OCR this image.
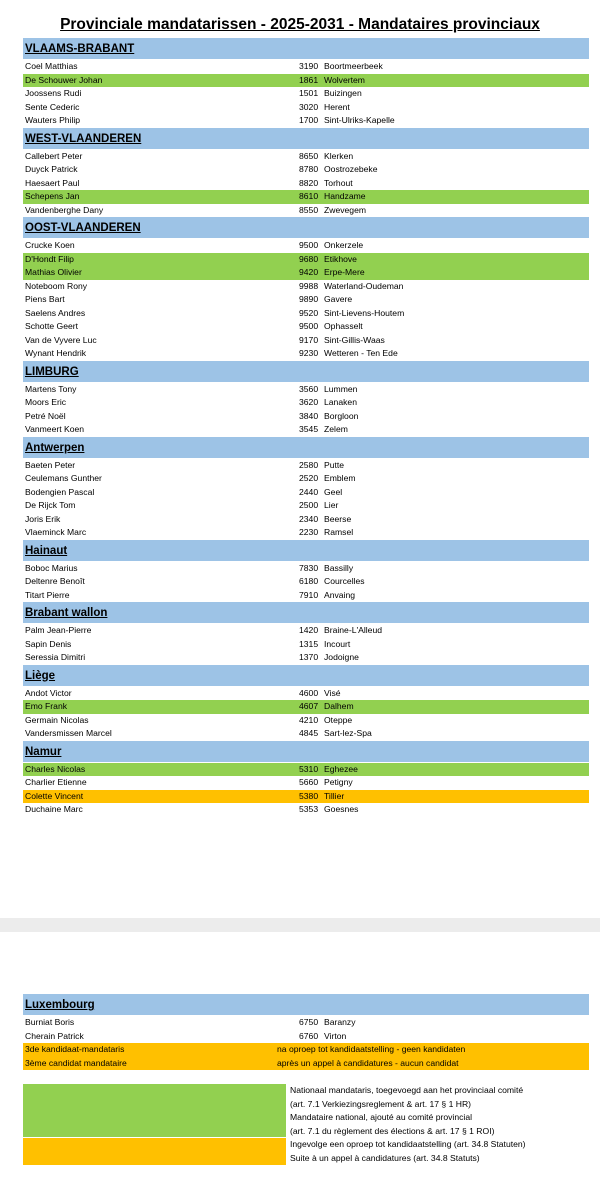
Provinciale mandatarissen - 2025-2031 - Mandataires provinciaux
VLAAMS-BRABANT
Coel Matthias	3190 Boortmeerbeek
De Schouwer Johan	1861 Wolvertem
Joossens Rudi	1501 Buizingen
Sente Cederic	3020 Herent
Wauters Philip	1700 Sint-Ulriks-Kapelle
WEST-VLAANDEREN
Callebert Peter	8650 Klerken
Duyck Patrick	8780 Oostrozebeke
Haesaert Paul	8820 Torhout
Schepens Jan	8610 Handzame
Vandenberghe Dany	8550 Zwevegem
OOST-VLAANDEREN
Crucke Koen	9500 Onkerzele
D'Hondt Filip	9680 Etikhove
Mathias Olivier	9420 Erpe-Mere
Noteboom Rony	9988 Waterland-Oudeman
Piens Bart	9890 Gavere
Saelens Andres	9520 Sint-Lievens-Houtem
Schotte Geert	9500 Ophasselt
Van de Vyvere Luc	9170 Sint-Gillis-Waas
Wynant Hendrik	9230 Wetteren - Ten Ede
LIMBURG
Martens Tony	3560 Lummen
Moors Eric	3620 Lanaken
Petré Noël	3840 Borgloon
Vanmeert Koen	3545 Zelem
Antwerpen
Baeten Peter	2580 Putte
Ceulemans Gunther	2520 Emblem
Bodengien Pascal	2440 Geel
De Rijck Tom	2500 Lier
Joris Erik	2340 Beerse
Vlaeminck Marc	2230 Ramsel
Hainaut
Boboc Marius	7830 Bassilly
Deltenre Benoît	6180 Courcelles
Titart Pierre	7910 Anvaing
Brabant wallon
Palm Jean-Pierre	1420 Braine-L'Alleud
Sapin Denis	1315 Incourt
Seressia Dimitri	1370 Jodoigne
Liège
Andot Victor	4600 Visé
Emo Frank	4607 Dalhem
Germain Nicolas	4210 Oteppe
Vandersmissen Marcel	4845 Sart-lez-Spa
Namur
Charles Nicolas	5310 Eghezee
Charlier Etienne	5660 Petigny
Colette Vincent	5380 Tillier
Duchaine Marc	5353 Goesnes
Luxembourg
Burniat Boris	6750 Baranzy
Cherain Patrick	6760 Virton
3de kandidaat-mandataris	na oproep tot kandidaatstelling - geen kandidaten
3ème candidat mandataire	après un appel à candidatures - aucun candidat
Nationaal mandataris, toegevoegd aan het provinciaal comité
(art. 7.1 Verkiezingsreglement & art. 17 § 1 HR)
Mandataire national, ajouté au comité provincial
(art. 7.1 du règlement des élections & art. 17 § 1 ROI)
Ingevolge een oproep tot kandidaatstelling (art. 34.8 Statuten)
Suite à un appel à candidatures (art. 34.8 Statuts)
